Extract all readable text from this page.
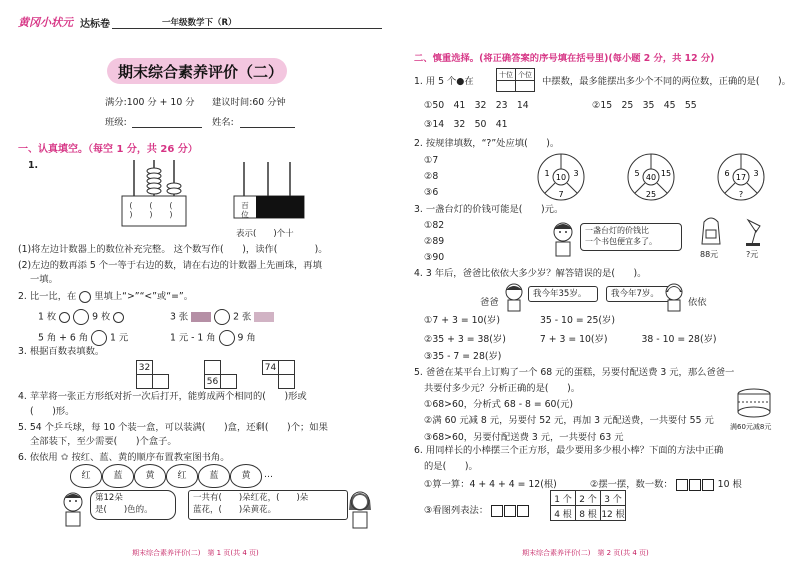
黄冈小状元 达标卷	一年级数学下（R）
期末综合素养评价（二）
满分:100 分 + 10 分 建议时间:60 分钟
班级:	姓名:
一、认真填空。（每空 1 分，共 26 分）
1.
(
)
(
)
(
)
百
位
表示(　　)个十
(1)将左边计数器上的数位补充完整。 这个数写作(　　)，读作(　　　　)。
(2)左边的数再添 5 个一等于右边的数，请在右边的计数器上先画珠，再填
一填。
2. 比一比，在 里填上“>”“<”或“=”。
1 枚	9 枚	3 张	2 张
5 角 + 6 角 1 元	1 元 - 1 角 9 角
3. 根据百数表填数。
32	

56	
74	

4. 苹苹将一张正方形纸对折一次后打开，能剪成两个相同的(　　)形或
(　　)形。
5. 54 个乒乓球，每 10 个装一盒，可以装满(　　)盒，还剩(　　)个；如果
全部装下，至少需要(　　)个盒子。
6. 依依用 ✿ 按红、蓝、黄的顺序布置教室图书角。
红	蓝	黄	红	蓝	黄	…
第12朵
是(　　)色的。
一共有(　　)朵红花，(　　)朵
蓝花，(　　)朵黄花。
期末综合素养评价(二)　第 1 页(共 4 页)
二、慎重选择。(将正确答案的序号填在括号里)(每小题 2 分，共 12 分)
1. 用 5 个●在
十位	个位

中摆数，最多能摆出多少个不同的两位数，正确的是(　　)。
①50　41　32　23　14	②15　25　35　45　55
③14　32　50　41
2. 按规律填数，“?”处应填(　　)。
①7
②8
③6
10
1	3
7
40
5	15
25
17
6	3
?
3. 一盏台灯的价钱可能是(　　)元。
①82
②89
③90
一盏台灯的价钱比
一个书包便宜多了。
88元	?元
4. 3 年后，爸爸比依依大多少岁？解答错误的是(　　)。
爸爸
我今年35岁。	我今年7岁。
依依
①7 + 3 = 10(岁)	35 - 10 = 25(岁)
②35 + 3 = 38(岁)	7 + 3 = 10(岁)	38 - 10 = 28(岁)
③35 - 7 = 28(岁)
5. 爸爸在某平台上订购了一个 68 元的蛋糕，另要付配送费 3 元，那么爸爸一
共要付多少元？分析正确的是(　　)。
①68>60，分析式 68 - 8 = 60(元)
②满 60 元减 8 元，另要付 52 元，再加 3 元配送费，一共要付 55 元
③68>60，另要付配送费 3 元，一共要付 63 元
满60元减8元
6. 用同样长的小棒摆三个正方形，最少要用多少根小棒？下面的方法中正确
的是(　　)。
①算一算：4 + 4 + 4 = 12(根)	②摆一摆，数一数：	10 根
③看图列表法：
1 个	2 个	3 个
4 根	8 根	12 根
期末综合素养评价(二)　第 2 页(共 4 页)
